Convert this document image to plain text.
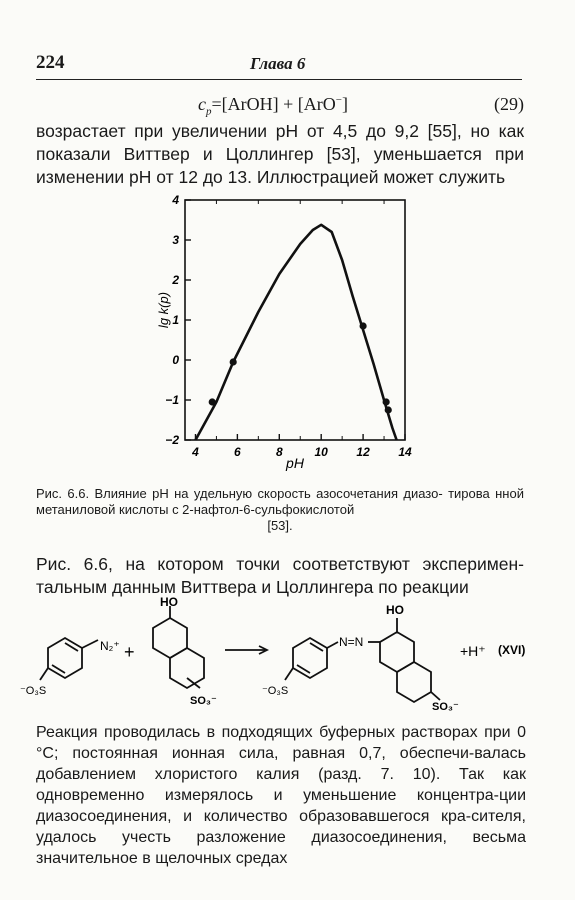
224	Глава 6
$c_p=[ArOH] + [ArO^-]$	(29)
возрастает при увеличении pH от 4,5 до 9,2 [55], но как показали Виттвер и Цоллингер [53], уменьшается при изменении pH от 12 до 13. Иллюстрацией может служить
4	6	8	10 12 14
4
3
2
1
0
−1
−2
lg k(p)
pH
Рис. 6.6. Влияние pH на удельную скорость азосочетания диазо- тирова нной метаниловой кислоты с 2-нафтол-6-сульфокислотой
[53].
Рис. 6.6, на котором точки соответствуют эксперимен-тальным данным Виттвера и Цоллингера по реакции
N₂⁺ +
⁻O₃S
HO
SO₃⁻
⁻O₃S
N=N
HO
SO₃⁻
+H⁺ (XVI)
Реакция проводилась в подходящих буферных растворах при 0 °С; постоянная ионная сила, равная 0,7, обеспечи-валась добавлением хлористого калия (разд. 7. 10). Так как одновременно измерялось и уменьшение концентра-ции диазосоединения, и количество образовавшегося кра-сителя, удалось учесть разложение диазосоединения, весьма значительное в щелочных средах
